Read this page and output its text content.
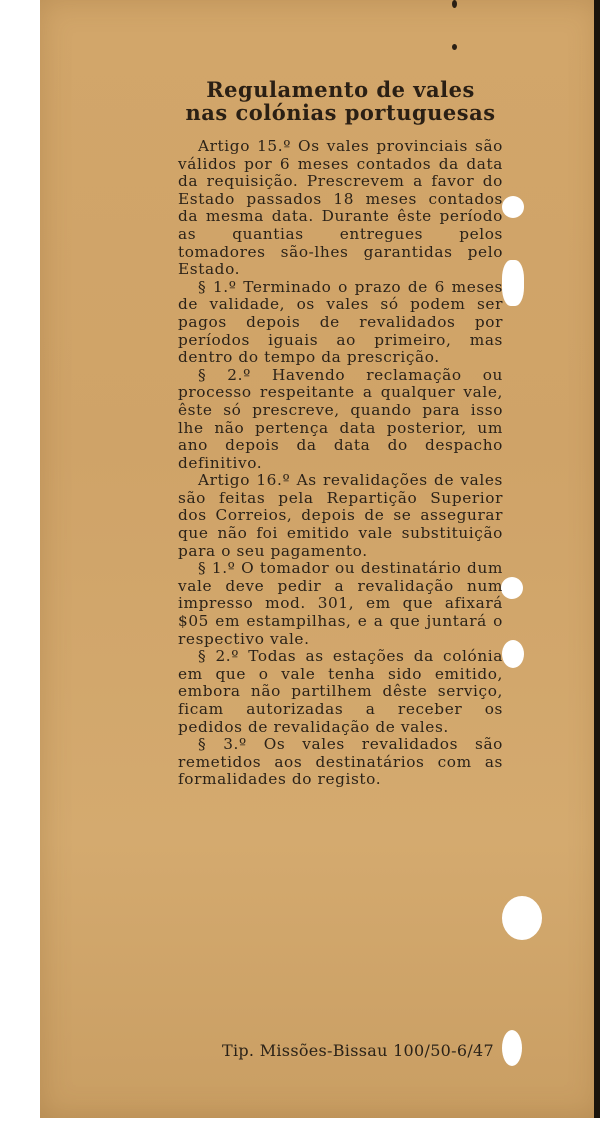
Regulamento de vales
nas colónias portuguesas

Artigo 15.º Os vales provinciais são válidos por 6 meses contados da data da requisição. Prescrevem a favor do Estado passados 18 meses contados da mesma data. Durante êste período as quantias entregues pelos tomadores são-lhes garantidas pelo Estado.

§ 1.º Terminado o prazo de 6 meses de validade, os vales só podem ser pagos depois de revalidados por períodos iguais ao primeiro, mas dentro do tempo da prescrição.

§ 2.º Havendo reclamação ou processo respeitante a qualquer vale, êste só prescreve, quando para isso lhe não pertença data posterior, um ano depois da data do despacho definitivo.

Artigo 16.º As revalidações de vales são feitas pela Repartição Superior dos Correios, depois de se assegurar que não foi emitido vale substituição para o seu pagamento.

§ 1.º O tomador ou destinatário dum vale deve pedir a revalidação num impresso mod. 301, em que afixará $05 em estampilhas, e a que juntará o respectivo vale.

§ 2.º Todas as estações da colónia em que o vale tenha sido emitido, embora não partilhem dêste serviço, ficam autorizadas a receber os pedidos de revalidação de vales.

§ 3.º Os vales revalidados são remetidos aos destinatários com as formalidades do registo.

Tip. Missões-Bissau 100/50-6/47
